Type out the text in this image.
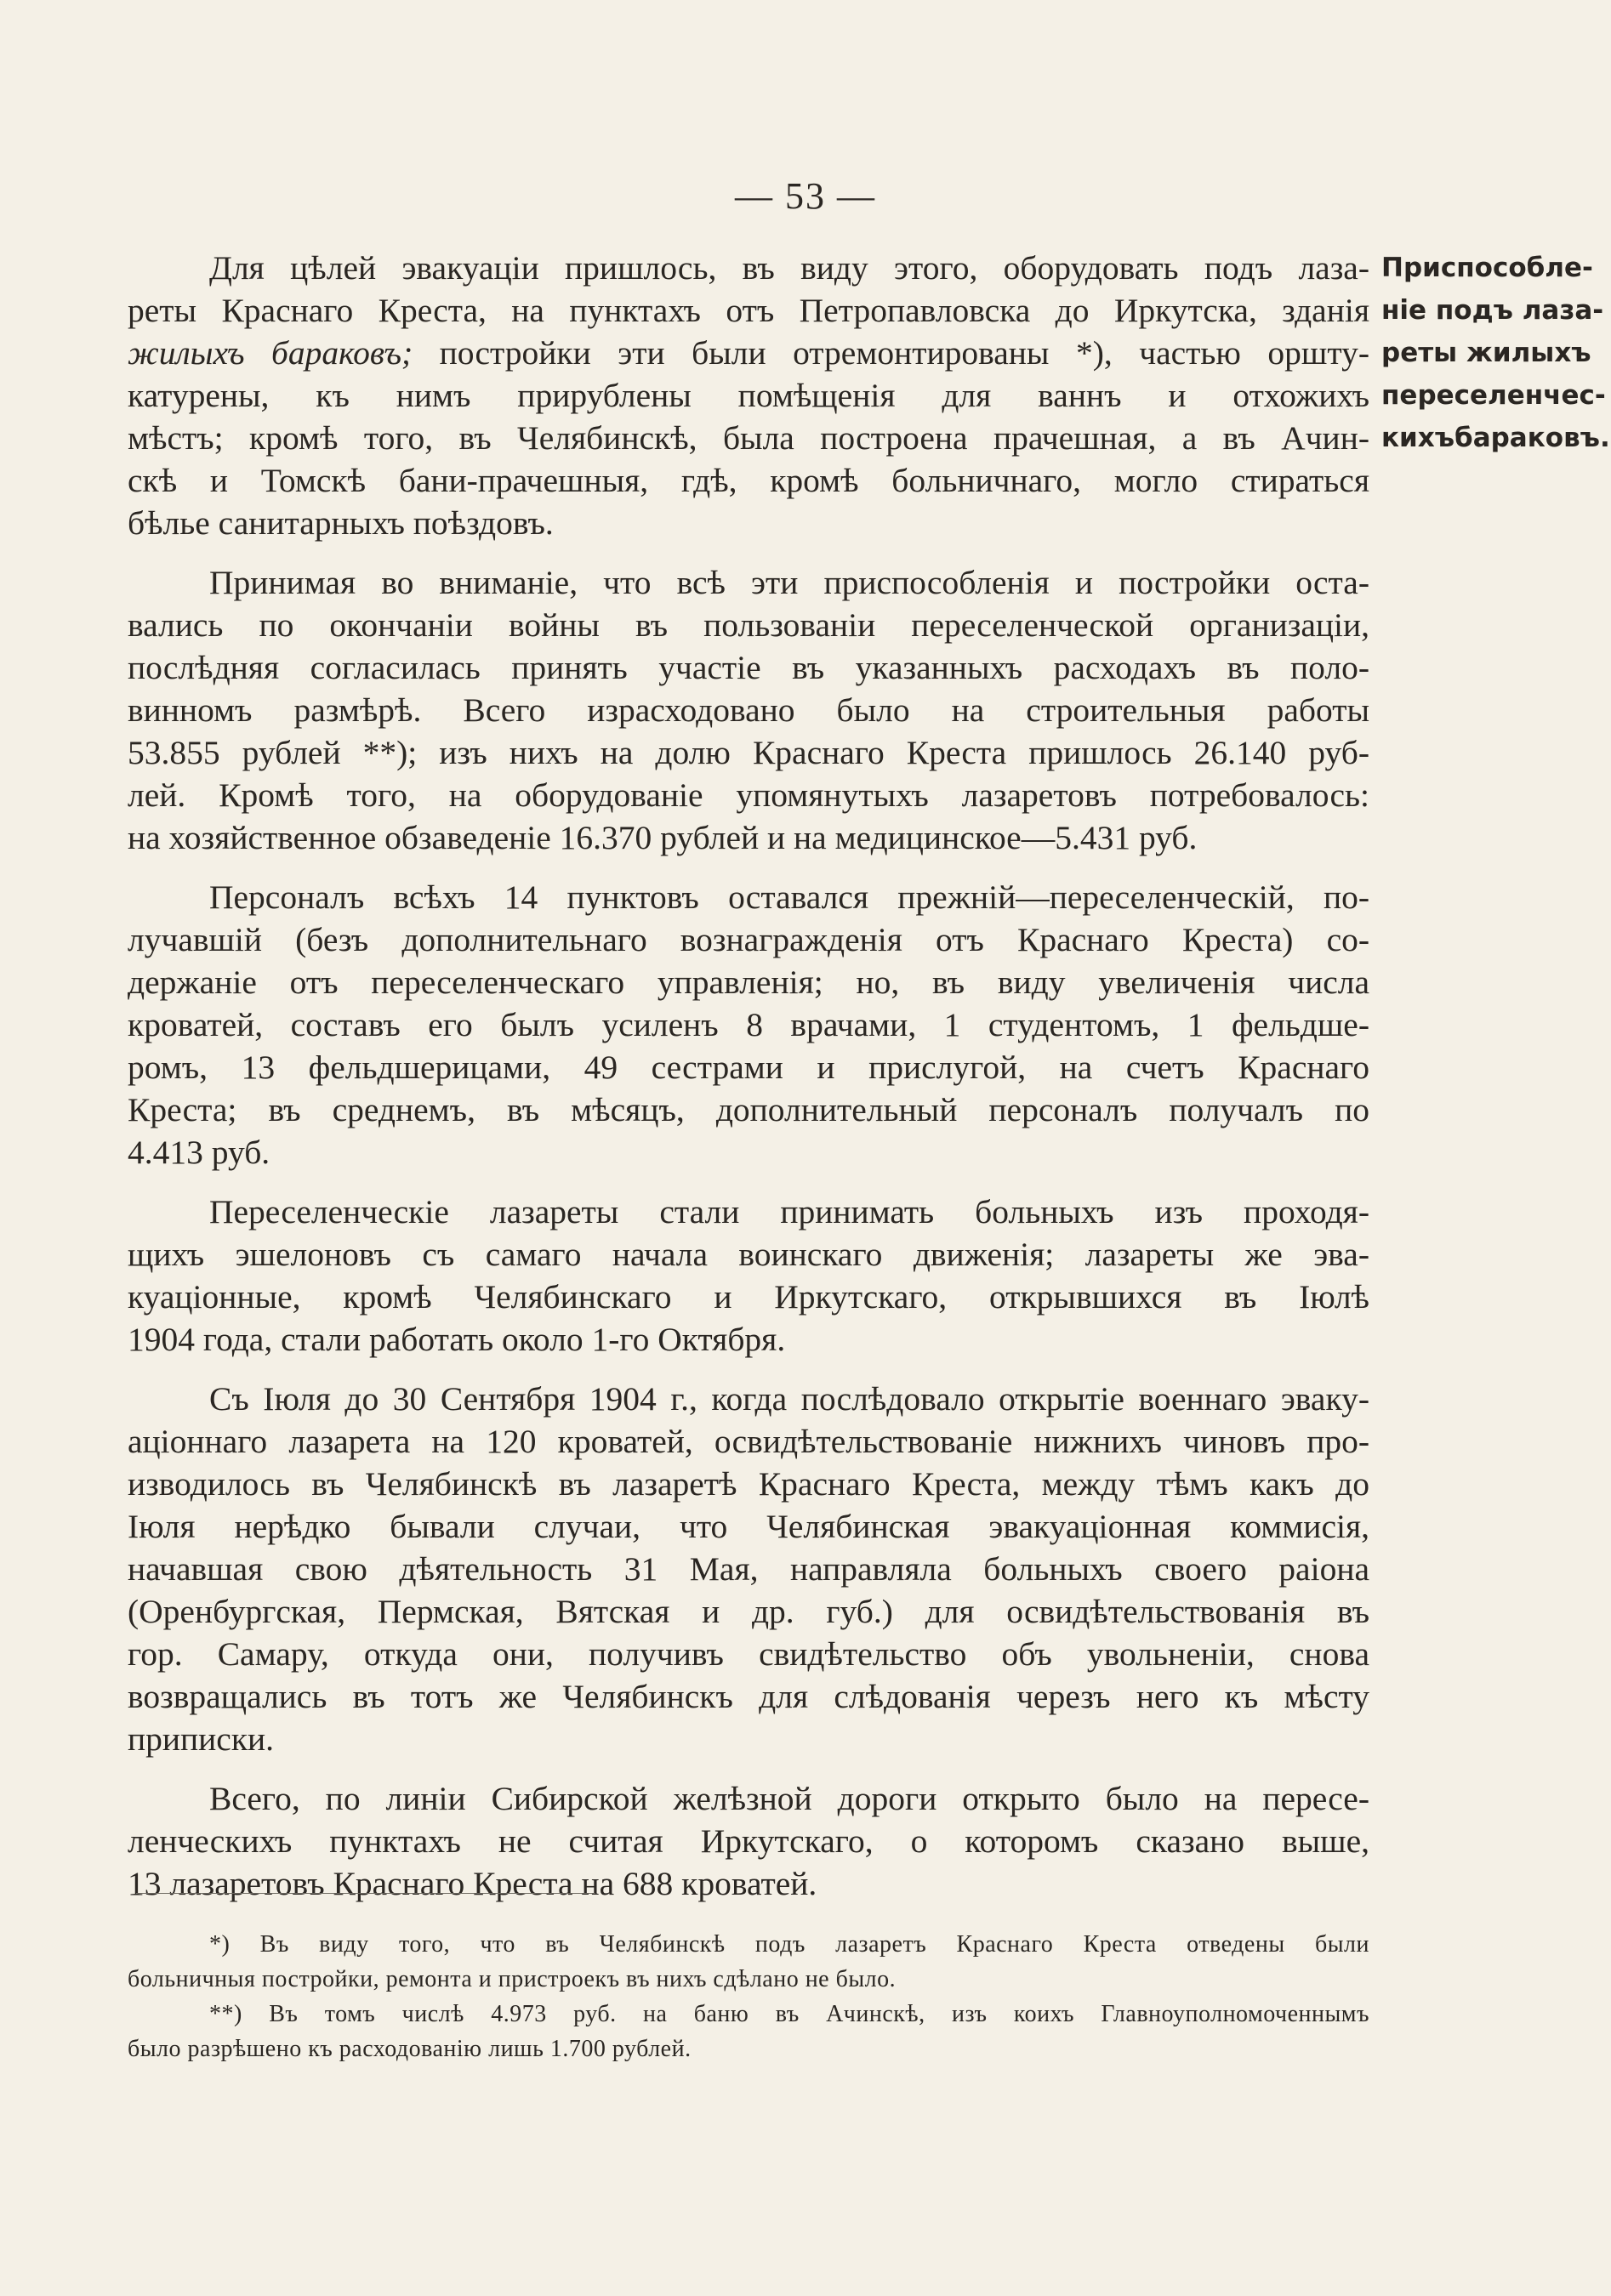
— 53 —
Для цѣлей эвакуаціи пришлось, въ виду этого, оборудовать подъ лаза-
реты Краснаго Креста, на пунктахъ отъ Петропавловска до Иркутска, зданія
жилыхъ бараковъ; постройки эти были отремонтированы *), частью оршту-
катурены, къ нимъ прирублены помѣщенія для ваннъ и отхожихъ
мѣстъ; кромѣ того, въ Челябинскѣ, была построена прачешная, а въ Ачин-
скѣ и Томскѣ бани-прачешныя, гдѣ, кромѣ больничнаго, могло стираться
бѣлье санитарныхъ поѣздовъ.
Принимая во вниманіе, что всѣ эти приспособленія и постройки оста-
вались по окончаніи войны въ пользованіи переселенческой организаціи,
послѣдняя согласилась принять участіе въ указанныхъ расходахъ въ поло-
винномъ размѣрѣ. Всего израсходовано было на строительныя работы
53.855 рублей **); изъ нихъ на долю Краснаго Креста пришлось 26.140 руб-
лей. Кромѣ того, на оборудованіе упомянутыхъ лазаретовъ потребовалось:
на хозяйственное обзаведеніе 16.370 рублей и на медицинское—5.431 руб.
Персоналъ всѣхъ 14 пунктовъ оставался прежній—переселенческій, по-
лучавшій (безъ дополнительнаго вознагражденія отъ Краснаго Креста) со-
держаніе отъ переселенческаго управленія; но, въ виду увеличенія числа
кроватей, составъ его былъ усиленъ 8 врачами, 1 студентомъ, 1 фельдше-
ромъ, 13 фельдшерицами, 49 сестрами и прислугой, на счетъ Краснаго
Креста; въ среднемъ, въ мѣсяцъ, дополнительный персоналъ получалъ по
4.413 руб.
Переселенческіе лазареты стали принимать больныхъ изъ проходя-
щихъ эшелоновъ съ самаго начала воинскаго движенія; лазареты же эва-
куаціонные, кромѣ Челябинскаго и Иркутскаго, открывшихся въ Іюлѣ
1904 года, стали работать около 1-го Октября.
Съ Іюля до 30 Сентября 1904 г., когда послѣдовало открытіе военнаго эваку-
аціоннаго лазарета на 120 кроватей, освидѣтельствованіе нижнихъ чиновъ про-
изводилось въ Челябинскѣ въ лазаретѣ Краснаго Креста, между тѣмъ какъ до
Іюля нерѣдко бывали случаи, что Челябинская эвакуаціонная коммисія,
начавшая свою дѣятельность 31 Мая, направляла больныхъ своего раіона
(Оренбургская, Пермская, Вятская и др. губ.) для освидѣтельствованія въ
гор. Самару, откуда они, получивъ свидѣтельство объ увольненіи, снова
возвращались въ тотъ же Челябинскъ для слѣдованія черезъ него къ мѣсту
приписки.
Всего, по линіи Сибирской желѣзной дороги открыто было на пересе-
ленческихъ пунктахъ не считая Иркутскаго, о которомъ сказано выше,
13 лазаретовъ Краснаго Креста на 688 кроватей.
Приспособле-
ніе подъ лаза-
реты жилыхъ
переселенчес-
кихъбараковъ.
*) Въ виду того, что въ Челябинскѣ подъ лазаретъ Краснаго Креста отведены были
больничныя постройки, ремонта и пристроекъ въ нихъ сдѣлано не было.
**) Въ томъ числѣ 4.973 руб. на баню въ Ачинскѣ, изъ коихъ Главноуполномоченнымъ
было разрѣшено къ расходованію лишь 1.700 рублей.
